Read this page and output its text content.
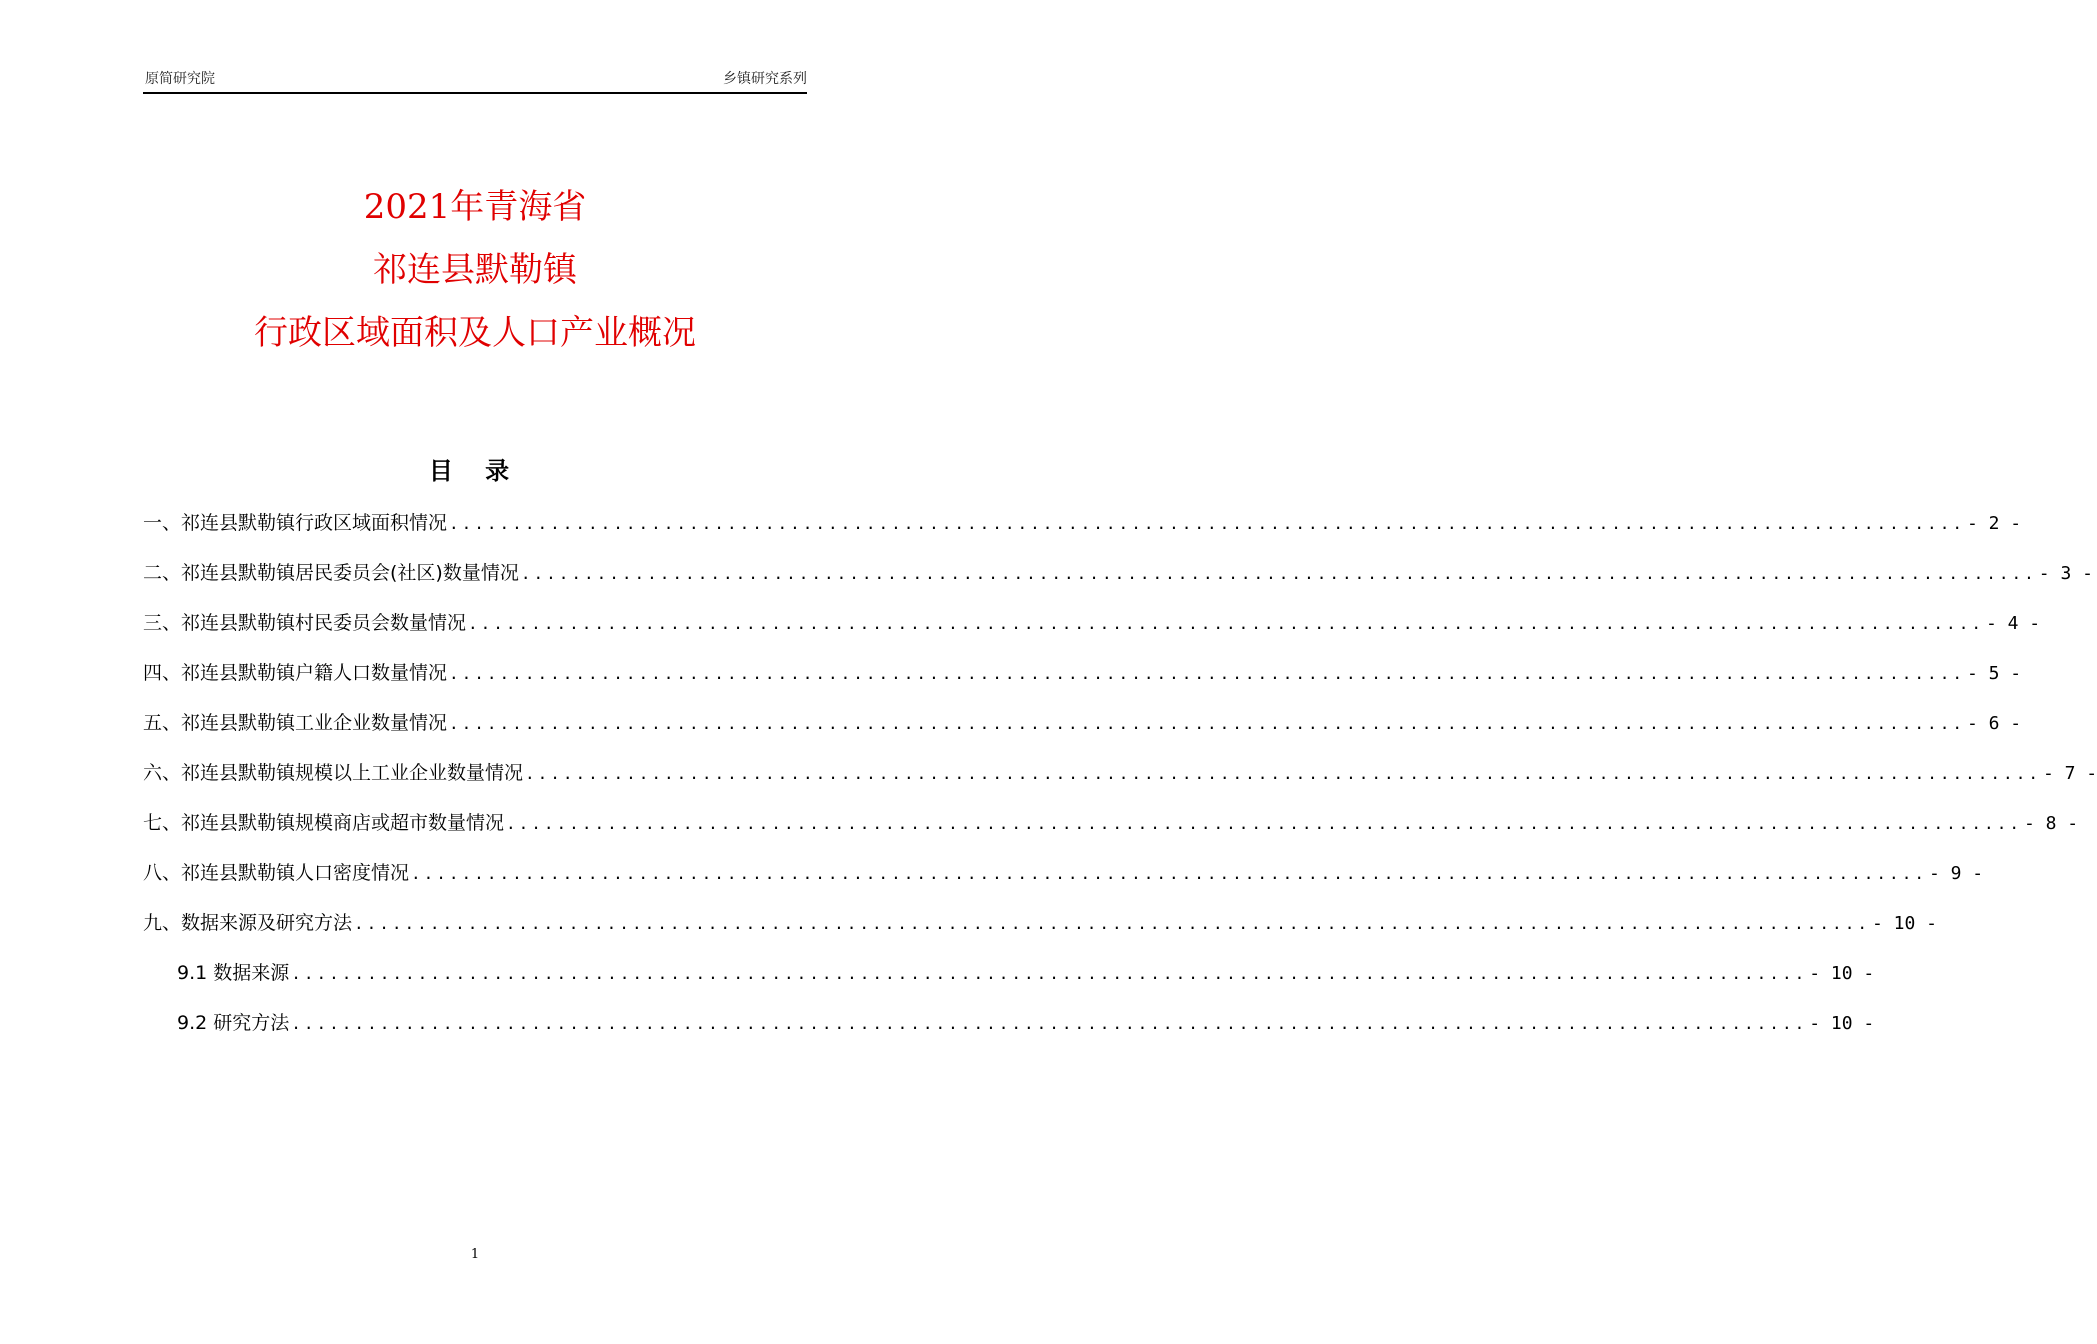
原简研究院	乡镇研究系列
2021年青海省
祁连县默勒镇
行政区域面积及人口产业概况
目 录
一、祁连县默勒镇行政区域面积情况 ........................................................................................................................ - 2 -
二、祁连县默勒镇居民委员会(社区)数量情况 ........................................................................................................................ - 3 -
三、祁连县默勒镇村民委员会数量情况 ........................................................................................................................ - 4 -
四、祁连县默勒镇户籍人口数量情况 ........................................................................................................................ - 5 -
五、祁连县默勒镇工业企业数量情况 ........................................................................................................................ - 6 -
六、祁连县默勒镇规模以上工业企业数量情况 ........................................................................................................................ - 7 -
七、祁连县默勒镇规模商店或超市数量情况 ........................................................................................................................ - 8 -
八、祁连县默勒镇人口密度情况 ........................................................................................................................ - 9 -
九、数据来源及研究方法 ........................................................................................................................ - 10 -
9.1 数据来源 ........................................................................................................................ - 10 -
9.2 研究方法 ........................................................................................................................ - 10 -
1
